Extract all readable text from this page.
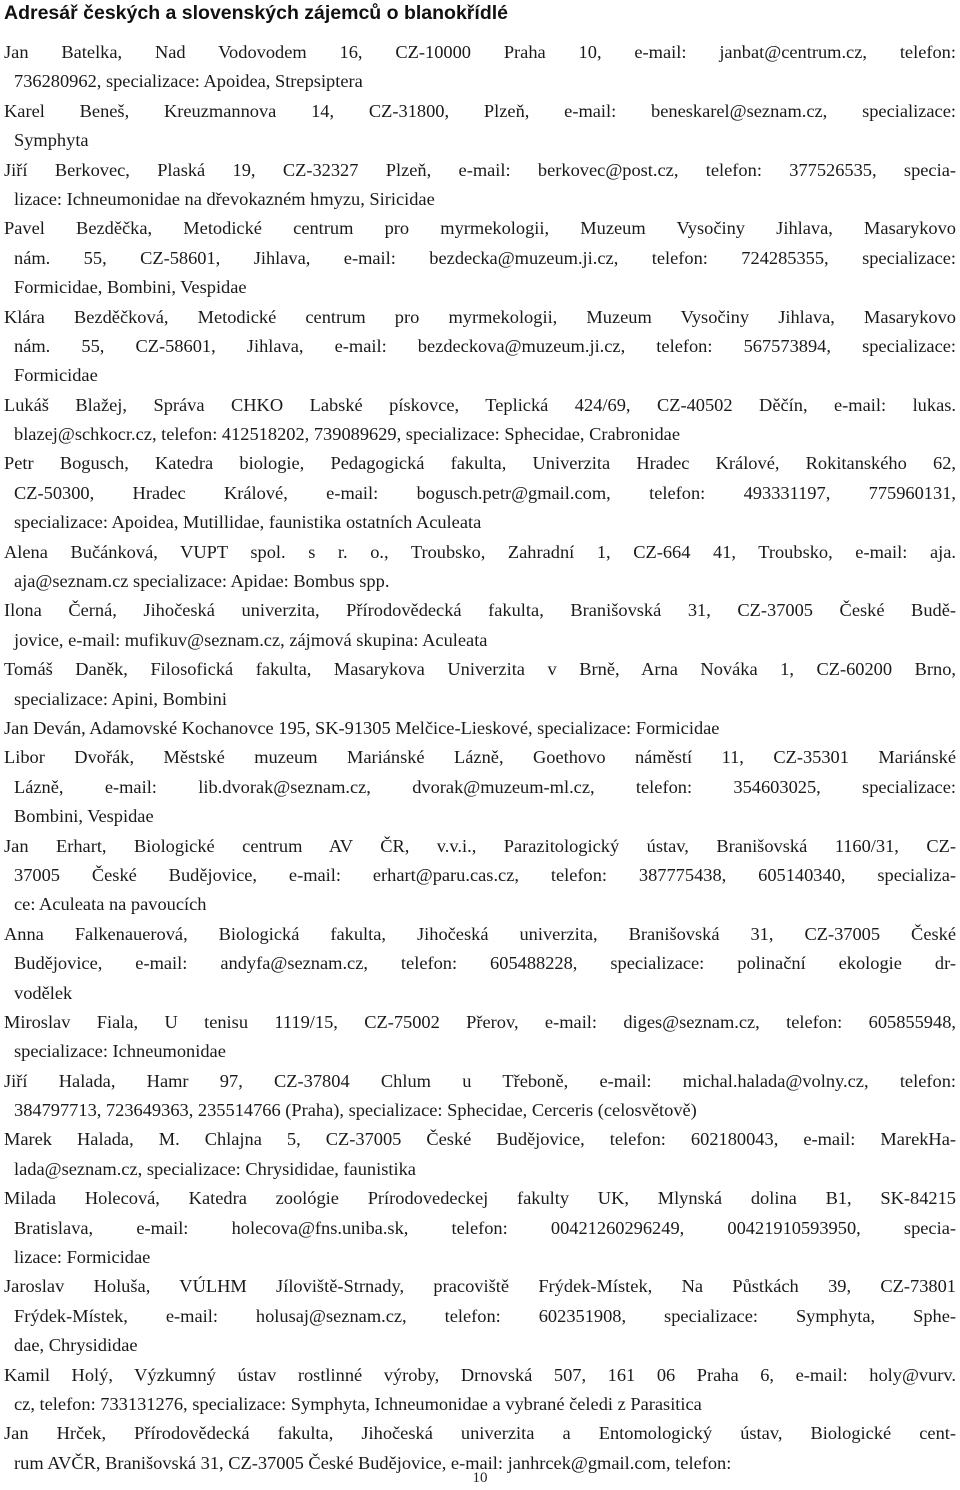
Adresář českých a slovenských zájemců o blanokřídlé
Jan Batelka, Nad Vodovodem 16, CZ-10000 Praha 10, e-mail: janbat@centrum.cz, telefon:
736280962, specializace: Apoidea, Strepsiptera
Karel Beneš, Kreuzmannova 14, CZ-31800, Plzeň, e-mail: beneskarel@seznam.cz, specializace:
Symphyta
Jiří Berkovec, Plaská 19, CZ-32327 Plzeň, e-mail: berkovec@post.cz, telefon: 377526535, specia-
lizace: Ichneumonidae na dřevokazném hmyzu, Siricidae
Pavel Bezděčka, Metodické centrum pro myrmekologii, Muzeum Vysočiny Jihlava, Masarykovo
nám. 55, CZ-58601, Jihlava, e-mail: bezdecka@muzeum.ji.cz, telefon: 724285355, specializace:
Formicidae, Bombini, Vespidae
Klára Bezděčková, Metodické centrum pro myrmekologii, Muzeum Vysočiny Jihlava, Masarykovo
nám. 55, CZ-58601, Jihlava, e-mail: bezdeckova@muzeum.ji.cz, telefon: 567573894, specializace:
Formicidae
Lukáš Blažej, Správa CHKO Labské pískovce, Teplická 424/69, CZ-40502 Děčín, e-mail: lukas.
blazej@schkocr.cz, telefon: 412518202, 739089629, specializace: Sphecidae, Crabronidae
Petr Bogusch, Katedra biologie, Pedagogická fakulta, Univerzita Hradec Králové, Rokitanského 62,
CZ-50300, Hradec Králové, e-mail: bogusch.petr@gmail.com, telefon: 493331197, 775960131,
specializace: Apoidea, Mutillidae, faunistika ostatních Aculeata
Alena Bučánková, VUPT spol. s r. o., Troubsko, Zahradní 1, CZ-664 41, Troubsko, e-mail: aja.
aja@seznam.cz specializace: Apidae: Bombus spp.
Ilona Černá, Jihočeská univerzita, Přírodovědecká fakulta, Branišovská 31, CZ-37005 České Budě-
jovice, e-mail: mufikuv@seznam.cz, zájmová skupina: Aculeata
Tomáš Daněk, Filosofická fakulta, Masarykova Univerzita v Brně, Arna Nováka 1, CZ-60200 Brno,
specializace: Apini, Bombini
Jan Deván, Adamovské Kochanovce 195, SK-91305 Melčice-Lieskové, specializace: Formicidae
Libor Dvořák, Městské muzeum Mariánské Lázně, Goethovo náměstí 11, CZ-35301 Mariánské
Lázně, e-mail: lib.dvorak@seznam.cz, dvorak@muzeum-ml.cz, telefon: 354603025, specializace:
Bombini, Vespidae
Jan Erhart, Biologické centrum AV ČR, v.v.i., Parazitologický ústav, Branišovská 1160/31, CZ-
37005 České Budějovice, e-mail: erhart@paru.cas.cz, telefon: 387775438, 605140340, specializa-
ce: Aculeata na pavoucích
Anna Falkenauerová, Biologická fakulta, Jihočeská univerzita, Branišovská 31, CZ-37005 České
Budějovice, e-mail: andyfa@seznam.cz, telefon: 605488228, specializace: polinační ekologie dr-
vodělek
Miroslav Fiala, U tenisu 1119/15, CZ-75002 Přerov, e-mail: diges@seznam.cz, telefon: 605855948,
specializace: Ichneumonidae
Jiří Halada, Hamr 97, CZ-37804 Chlum u Třeboně, e-mail: michal.halada@volny.cz, telefon:
384797713, 723649363, 235514766 (Praha), specializace: Sphecidae, Cerceris (celosvětově)
Marek Halada, M. Chlajna 5, CZ-37005 České Budějovice, telefon: 602180043, e-mail: MarekHa-
lada@seznam.cz, specializace: Chrysididae, faunistika
Milada Holecová, Katedra zoológie Prírodovedeckej fakulty UK, Mlynská dolina B1, SK-84215
Bratislava, e-mail: holecova@fns.uniba.sk, telefon: 00421260296249, 00421910593950, specia-
lizace: Formicidae
Jaroslav Holuša, VÚLHM Jíloviště-Strnady, pracoviště Frýdek-Místek, Na Půstkách 39, CZ-73801
Frýdek-Místek, e-mail: holusaj@seznam.cz, telefon: 602351908, specializace: Symphyta, Sphe-
dae, Chrysididae
Kamil Holý, Výzkumný ústav rostlinné výroby, Drnovská 507, 161 06 Praha 6, e-mail: holy@vurv.
cz, telefon: 733131276, specializace: Symphyta, Ichneumonidae a vybrané čeledi z Parasitica
Jan Hrček, Přírodovědecká fakulta, Jihočeská univerzita a Entomologický ústav, Biologické cent-
rum AVČR, Branišovská 31, CZ-37005 České Budějovice, e-mail: janhrcek@gmail.com, telefon:
10
